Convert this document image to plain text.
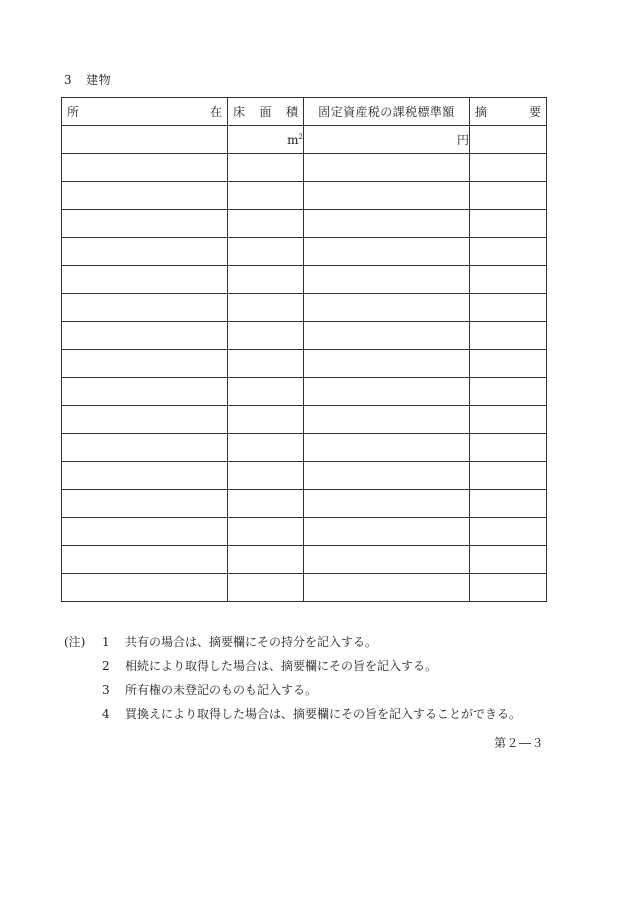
3 建物
所 在	床 面 積	固定資産税の課税標準額	摘 要

	$m^2$	円	

(注) 1 共有の場合は、摘要欄にその持分を記入する。
2 相続により取得した場合は、摘要欄にその旨を記入する。
3 所有権の未登記のものも記入する。
4 買換えにより取得した場合は、摘要欄にその旨を記入することができる。
第２―３
